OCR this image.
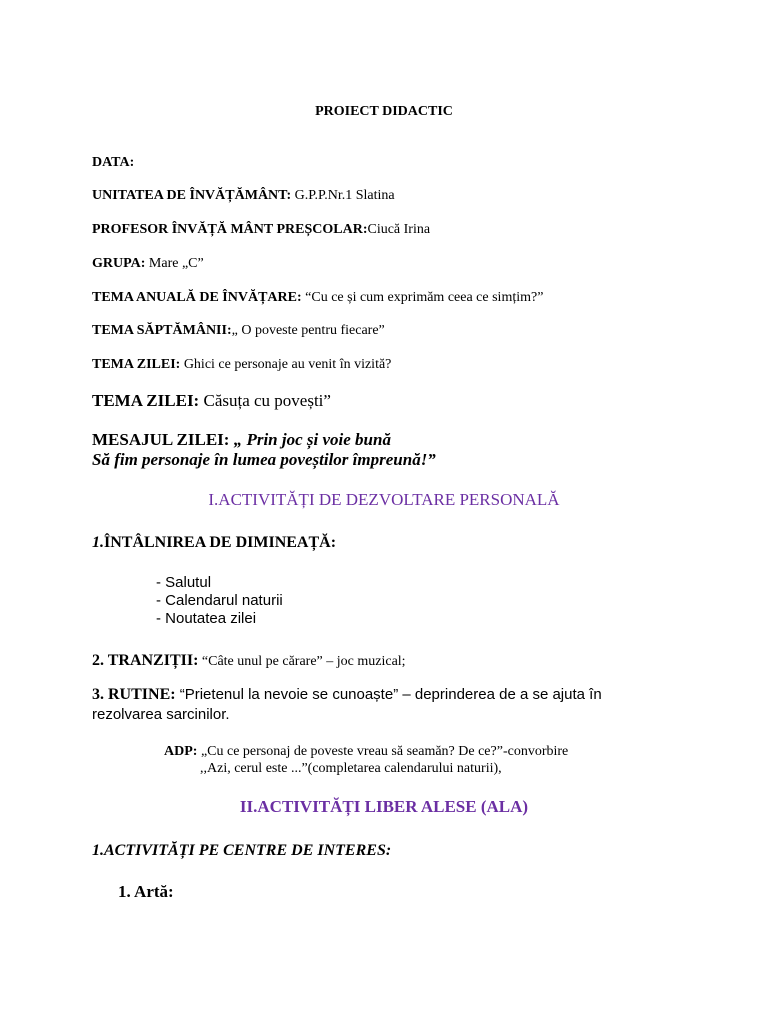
PROIECT DIDACTIC
DATA:
UNITATEA DE ÎNVĂȚĂMÂNT: G.P.P.Nr.1 Slatina
PROFESOR ÎNVĂȚĂ MÂNT PREȘCOLAR:Ciucă Irina
GRUPA: Mare „C”
TEMA ANUALĂ DE ÎNVĂȚARE: “Cu ce și cum exprimăm ceea ce simțim?”
TEMA SĂPTĂMÂNII:„ O poveste pentru fiecare”
TEMA ZILEI: Ghici ce personaje au venit în vizită?
TEMA ZILEI: Căsuța cu povești”
MESAJUL ZILEI: „ Prin joc și voie bună
Să fim personaje în lumea poveștilor împreună!”
I.ACTIVITĂȚI DE DEZVOLTARE PERSONALĂ
1.ÎNTÂLNIREA DE DIMINEAȚĂ:
- Salutul
- Calendarul naturii
- Noutatea zilei
2. TRANZIȚII: “Câte unul pe cărare” – joc muzical;
3. RUTINE: “Prietenul la nevoie se cunoaște” – deprinderea de a se ajuta în
rezolvarea sarcinilor.
ADP: „Cu ce personaj de poveste vreau să seamăn? De ce?”-convorbire
,,Azi, cerul este ...”(completarea calendarului naturii),
II.ACTIVITĂȚI LIBER ALESE (ALA)
1.ACTIVITĂȚI PE CENTRE DE INTERES:
1. Artă:
